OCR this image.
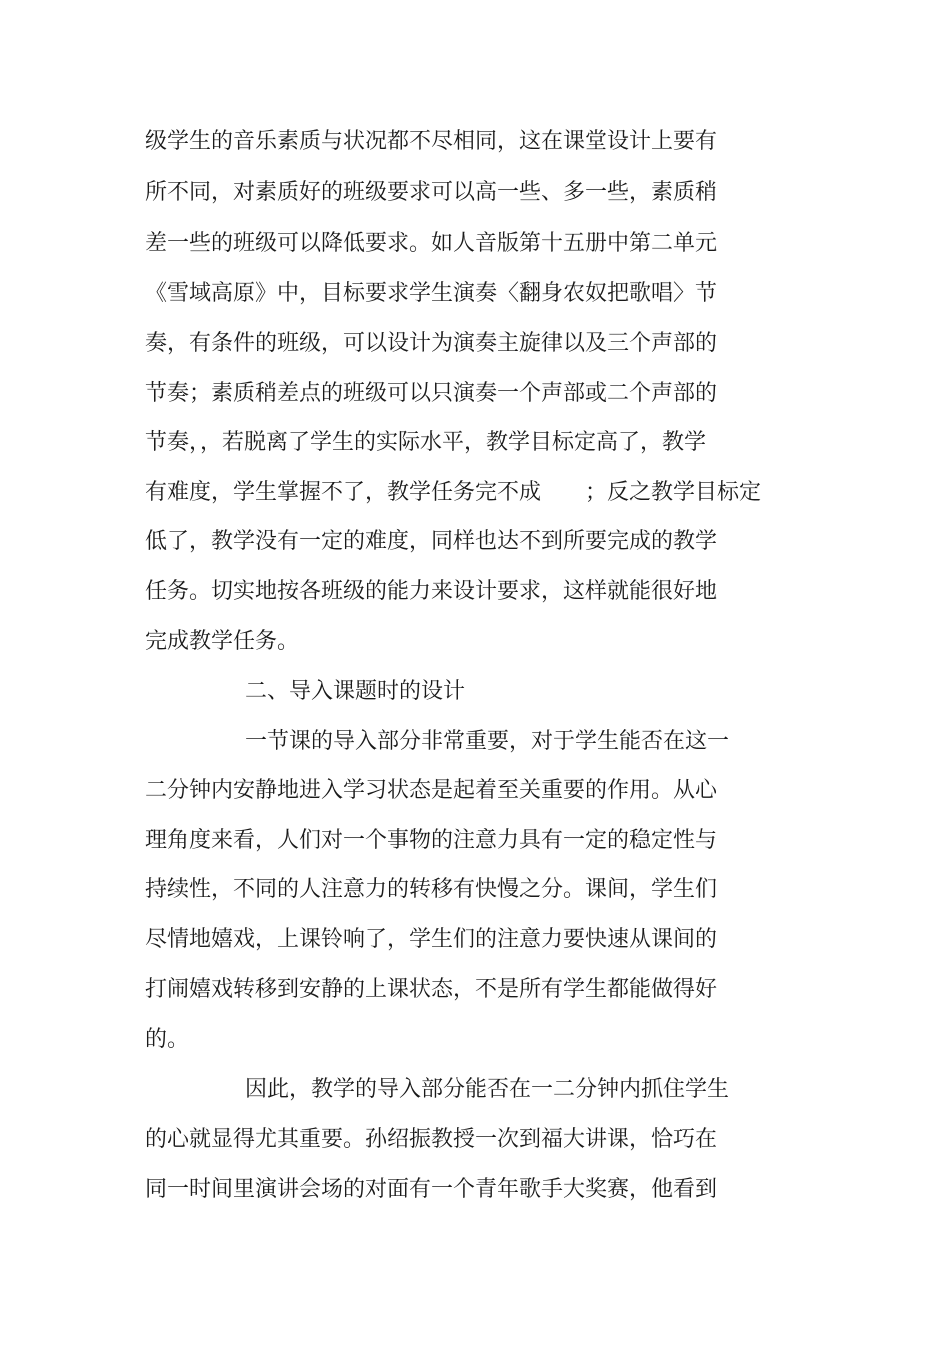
级学生的音乐素质与状况都不尽相同，这在课堂设计上要有
所不同，对素质好的班级要求可以高一些、多一些，素质稍
差一些的班级可以降低要求。如人音版第十五册中第二单元
《雪域高原》中，目标要求学生演奏〈翻身农奴把歌唱〉节
奏，有条件的班级，可以设计为演奏主旋律以及三个声部的
节奏；素质稍差点的班级可以只演奏一个声部或二个声部的
节奏，，若脱离了学生的实际水平，教学目标定高了，教学
有难度，学生掌握不了，教学任务完不成　　；反之教学目标定
低了，教学没有一定的难度，同样也达不到所要完成的教学
任务。切实地按各班级的能力来设计要求，这样就能很好地
完成教学任务。
二、导入课题时的设计
一节课的导入部分非常重要，对于学生能否在这一
二分钟内安静地进入学习状态是起着至关重要的作用。从心
理角度来看，人们对一个事物的注意力具有一定的稳定性与
持续性，不同的人注意力的转移有快慢之分。课间，学生们
尽情地嬉戏，上课铃响了，学生们的注意力要快速从课间的
打闹嬉戏转移到安静的上课状态，不是所有学生都能做得好
的。
因此，教学的导入部分能否在一二分钟内抓住学生
的心就显得尤其重要。孙绍振教授一次到福大讲课，恰巧在
同一时间里演讲会场的对面有一个青年歌手大奖赛，他看到
